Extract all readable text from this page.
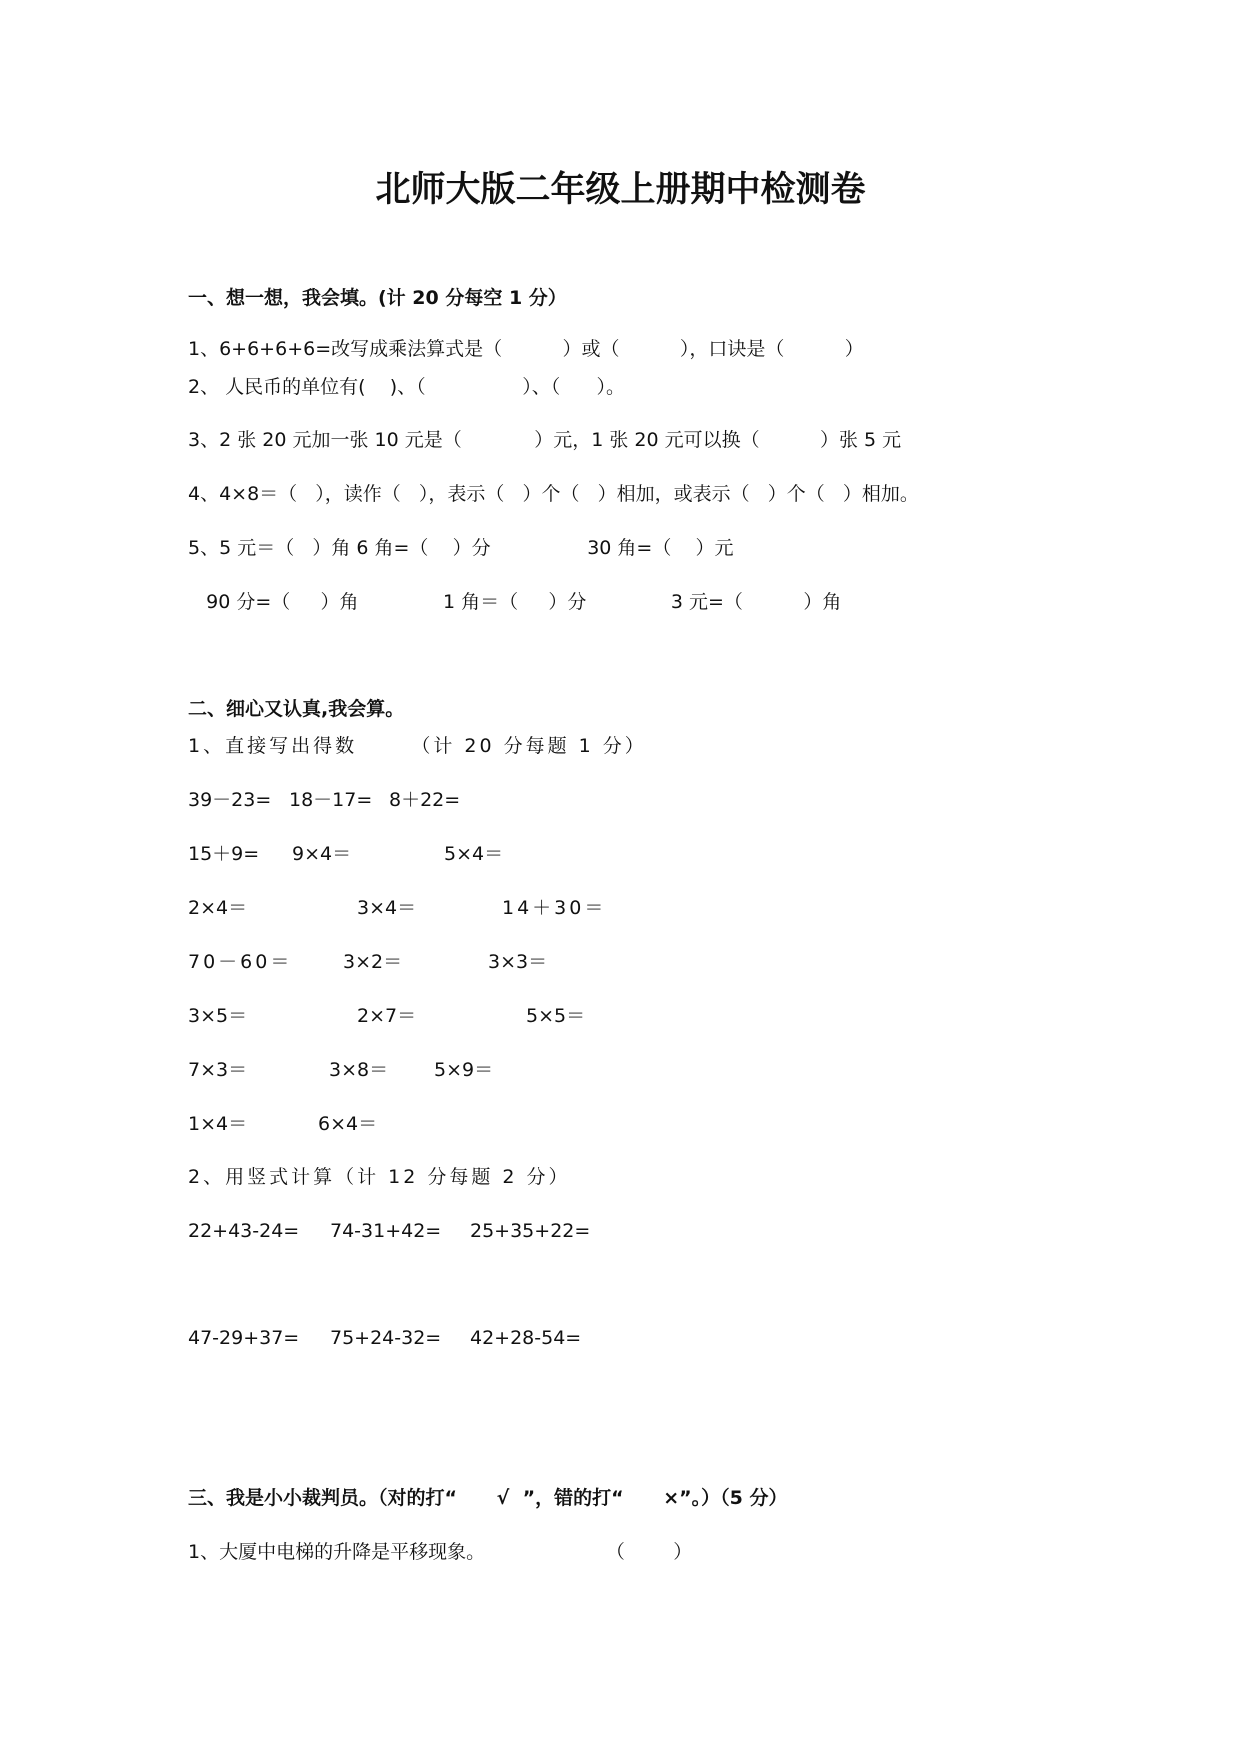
北师大版二年级上册期中检测卷
一、想一想，我会填。(计 20 分每空 1 分）
1、6+6+6+6=改写成乘法算式是（          ）或（          ），口诀是（          ）
2、 人民币的单位有(    )、（                ）、（      ）。
3、2 张 20 元加一张 10 元是（            ）元，1 张 20 元可以换（          ）张 5 元
4、4×8＝（   ），读作（   ），表示（   ）个（   ）相加，或表示（   ）个（   ）相加。
5、5 元＝（   ）角 6 角=（    ）分                30 角=（    ）元
90 分=（     ）角              1 角＝（     ）分              3 元=（          ）角
二、细心又认真,我会算。
1、直接写出得数      （计 20 分每题 1 分）
39－23= 18－17= 8＋22=
15＋9= 9×4＝	5×4＝
2×4＝	3×4＝	14＋30＝
70－60＝	3×2＝	3×3＝
3×5＝	2×7＝	5×5＝
7×3＝	3×8＝ 5×9＝
1×4＝	6×4＝
2、用竖式计算（计 12 分每题 2 分）
22+43-24= 74-31+42= 25+35+22=
47-29+37= 75+24-32= 42+28-54=
三、我是小小裁判员。（对的打“      √  ”，错的打“      ×”。）（5 分）
1、大厦中电梯的升降是平移现象。                    （        ）
